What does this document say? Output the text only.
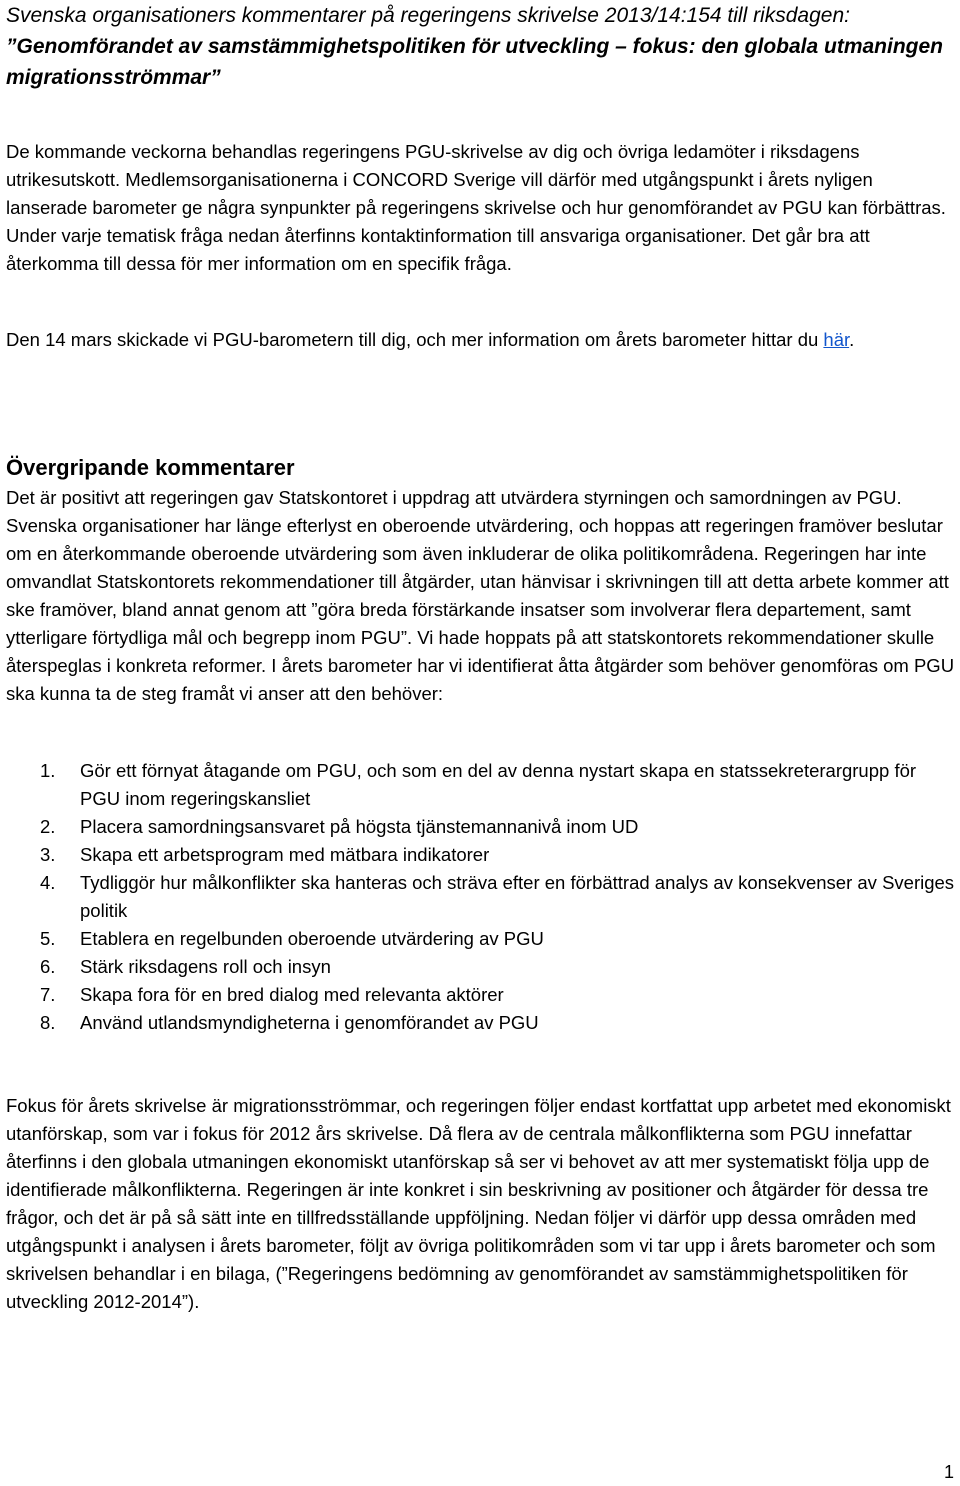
Svenska organisationers kommentarer på regeringens skrivelse 2013/14:154 till riksdagen:
”Genomförandet av samstämmighetspolitiken för utveckling – fokus: den globala utmaningen migrationsströmmar”

De kommande veckorna behandlas regeringens PGU-skrivelse av dig och övriga ledamöter i riksdagens utrikesutskott. Medlemsorganisationerna i CONCORD Sverige vill därför med utgångspunkt i årets nyligen lanserade barometer ge några synpunkter på regeringens skrivelse och hur genomförandet av PGU kan förbättras. Under varje tematisk fråga nedan återfinns kontaktinformation till ansvariga organisationer. Det går bra att återkomma till dessa för mer information om en specifik fråga.

Den 14 mars skickade vi PGU-barometern till dig, och mer information om årets barometer hittar du här.

Övergripande kommentarer

Det är positivt att regeringen gav Statskontoret i uppdrag att utvärdera styrningen och samordningen av PGU. Svenska organisationer har länge efterlyst en oberoende utvärdering, och hoppas att regeringen framöver beslutar om en återkommande oberoende utvärdering som även inkluderar de olika politikområdena. Regeringen har inte omvandlat Statskontorets rekommendationer till åtgärder, utan hänvisar i skrivningen till att detta arbete kommer att ske framöver, bland annat genom att ”göra breda förstärkande insatser som involverar flera departement, samt ytterligare förtydliga mål och begrepp inom PGU”. Vi hade hoppats på att statskontorets rekommendationer skulle återspeglas i konkreta reformer. I årets barometer har vi identifierat åtta åtgärder som behöver genomföras om PGU ska kunna ta de steg framåt vi anser att den behöver:

1. Gör ett förnyat åtagande om PGU, och som en del av denna nystart skapa en statssekreterargrupp för PGU inom regeringskansliet
2. Placera samordningsansvaret på högsta tjänstemannanivå inom UD
3. Skapa ett arbetsprogram med mätbara indikatorer
4. Tydliggör hur målkonflikter ska hanteras och sträva efter en förbättrad analys av konsekvenser av Sveriges politik
5. Etablera en regelbunden oberoende utvärdering av PGU
6. Stärk riksdagens roll och insyn
7. Skapa fora för en bred dialog med relevanta aktörer
8. Använd utlandsmyndigheterna i genomförandet av PGU

Fokus för årets skrivelse är migrationsströmmar, och regeringen följer endast kortfattat upp arbetet med ekonomiskt utanförskap, som var i fokus för 2012 års skrivelse. Då flera av de centrala målkonflikterna som PGU innefattar återfinns i den globala utmaningen ekonomiskt utanförskap så ser vi behovet av att mer systematiskt följa upp de identifierade målkonflikterna. Regeringen är inte konkret i sin beskrivning av positioner och åtgärder för dessa tre frågor, och det är på så sätt inte en tillfredsställande uppföljning. Nedan följer vi därför upp dessa områden med utgångspunkt i analysen i årets barometer, följt av övriga politikområden som vi tar upp i årets barometer och som skrivelsen behandlar i en bilaga, (”Regeringens bedömning av genomförandet av samstämmighetspolitiken för utveckling 2012-2014”).

1
